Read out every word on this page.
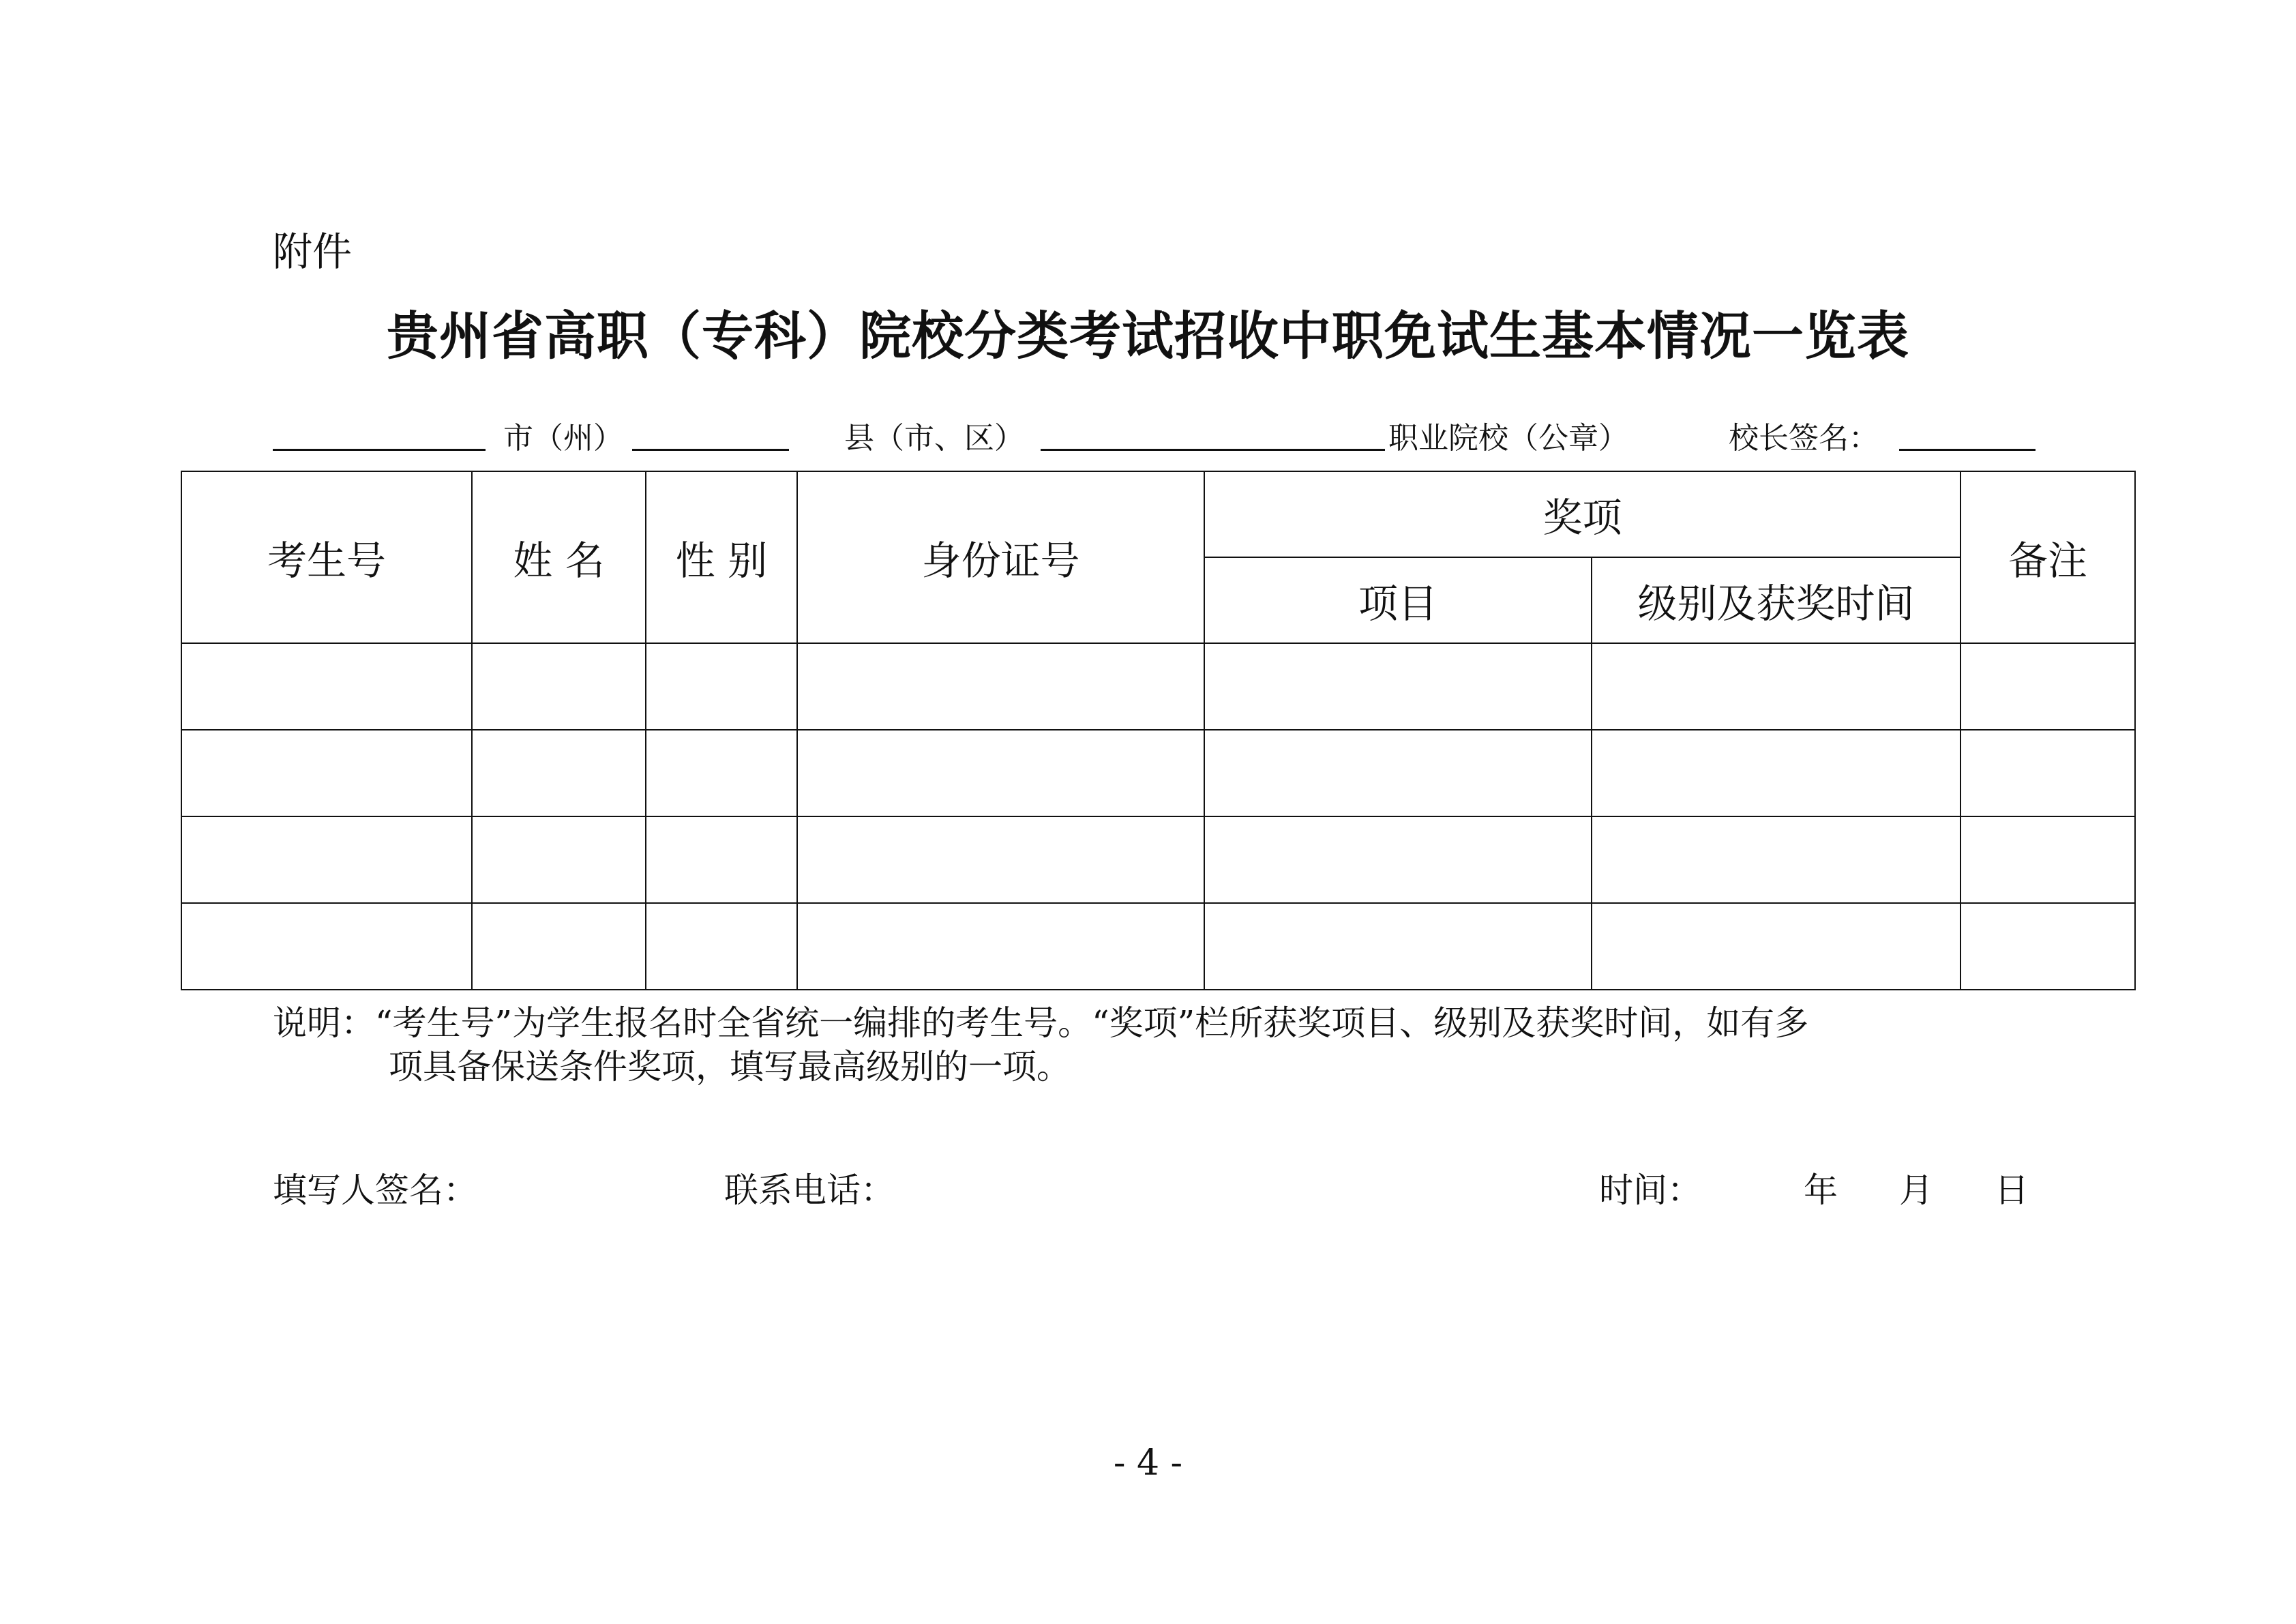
附件
贵州省高职（专科）院校分类考试招收中职免试生基本情况一览表
市（州）	县（市、区）	职业院校（公章）	校长签名：
考生号	姓 名	性 别	身份证号	奖项		备注
				项目	级别及获奖时间	

说明：“考生号”为学生报名时全省统一编排的考生号。“奖项”栏所获奖项目、级别及获奖时间，如有多
项具备保送条件奖项，填写最高级别的一项。
填写人签名：	联系电话：	时间：	年 月 日
- 4 -
